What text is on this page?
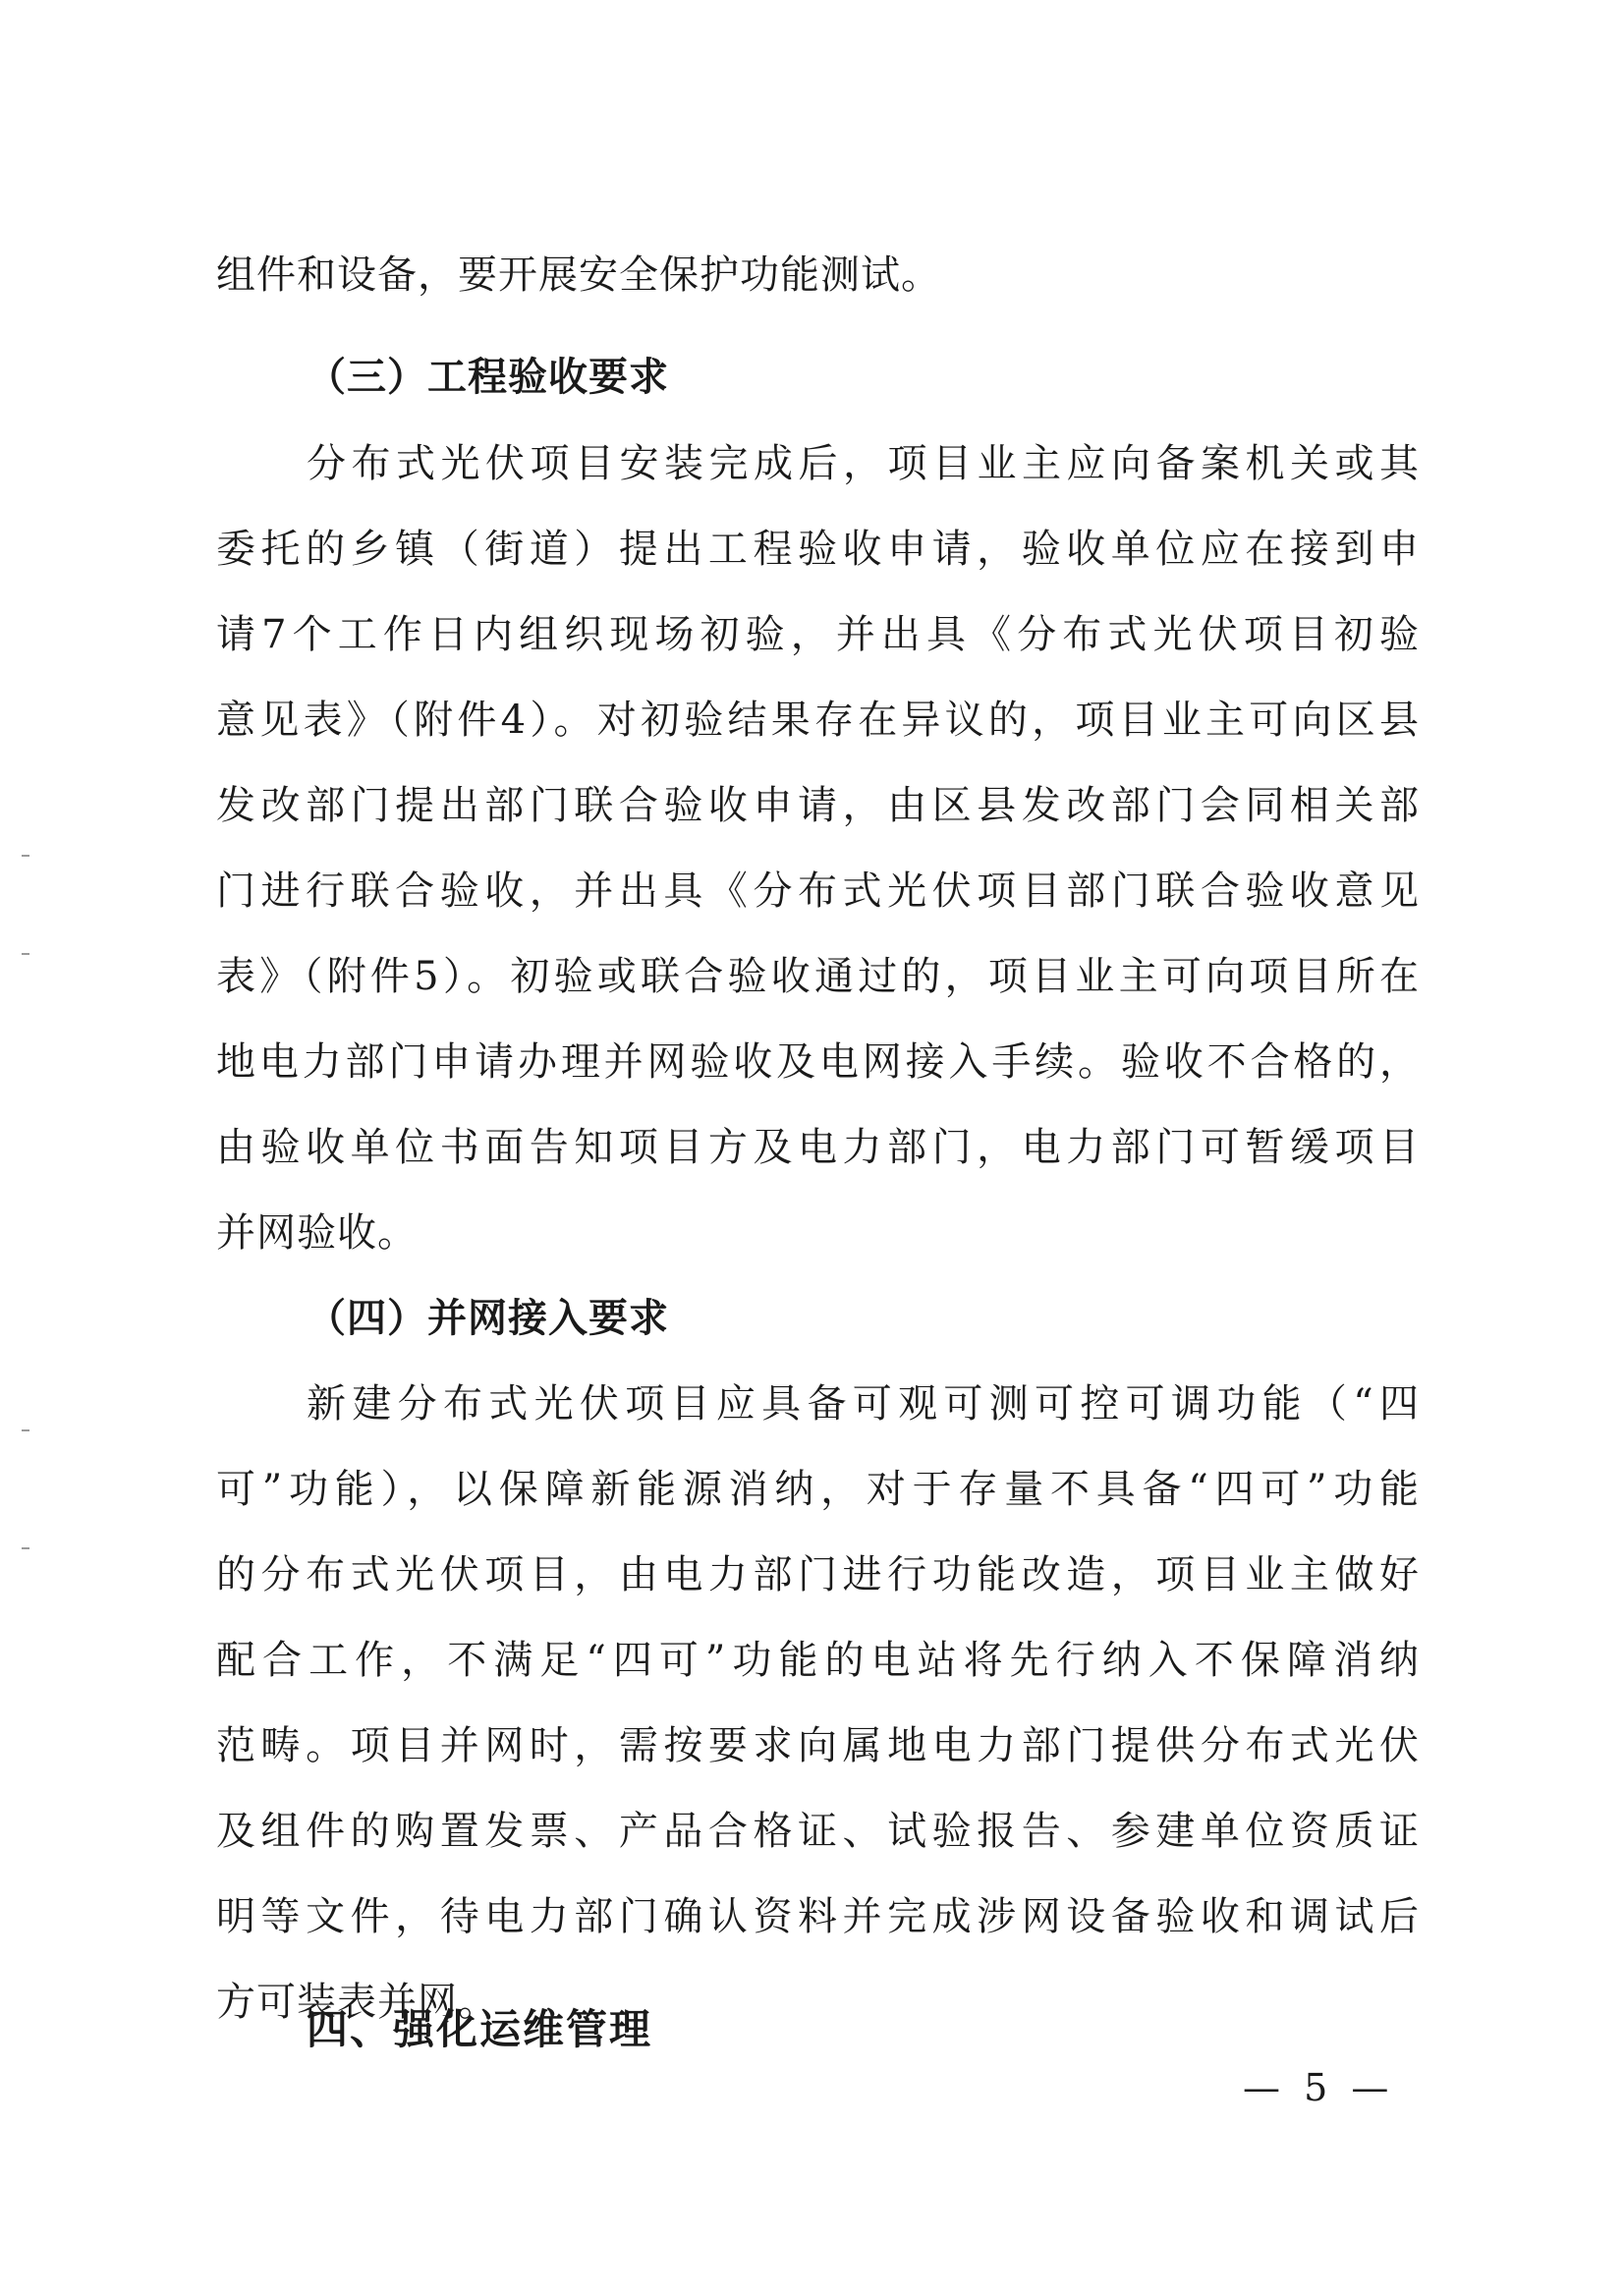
组件和设备，要开展安全保护功能测试。
（三）工程验收要求
分布式光伏项目安装完成后，项目业主应向备案机关或其
委托的乡镇（街道）提出工程验收申请，验收单位应在接到申
请7个工作日内组织现场初验，并出具《分布式光伏项目初验
意见表》（附件4）。对初验结果存在异议的，项目业主可向区县
发改部门提出部门联合验收申请，由区县发改部门会同相关部
门进行联合验收，并出具《分布式光伏项目部门联合验收意见
表》（附件5）。初验或联合验收通过的，项目业主可向项目所在
地电力部门申请办理并网验收及电网接入手续。验收不合格的，
由验收单位书面告知项目方及电力部门，电力部门可暂缓项目
并网验收。
（四）并网接入要求
新建分布式光伏项目应具备可观可测可控可调功能（“四
可”功能），以保障新能源消纳，对于存量不具备“四可”功能
的分布式光伏项目，由电力部门进行功能改造，项目业主做好
配合工作，不满足“四可”功能的电站将先行纳入不保障消纳
范畴。项目并网时，需按要求向属地电力部门提供分布式光伏
及组件的购置发票、产品合格证、试验报告、参建单位资质证
明等文件，待电力部门确认资料并完成涉网设备验收和调试后
方可装表并网。
四、强化运维管理
— 5 —
